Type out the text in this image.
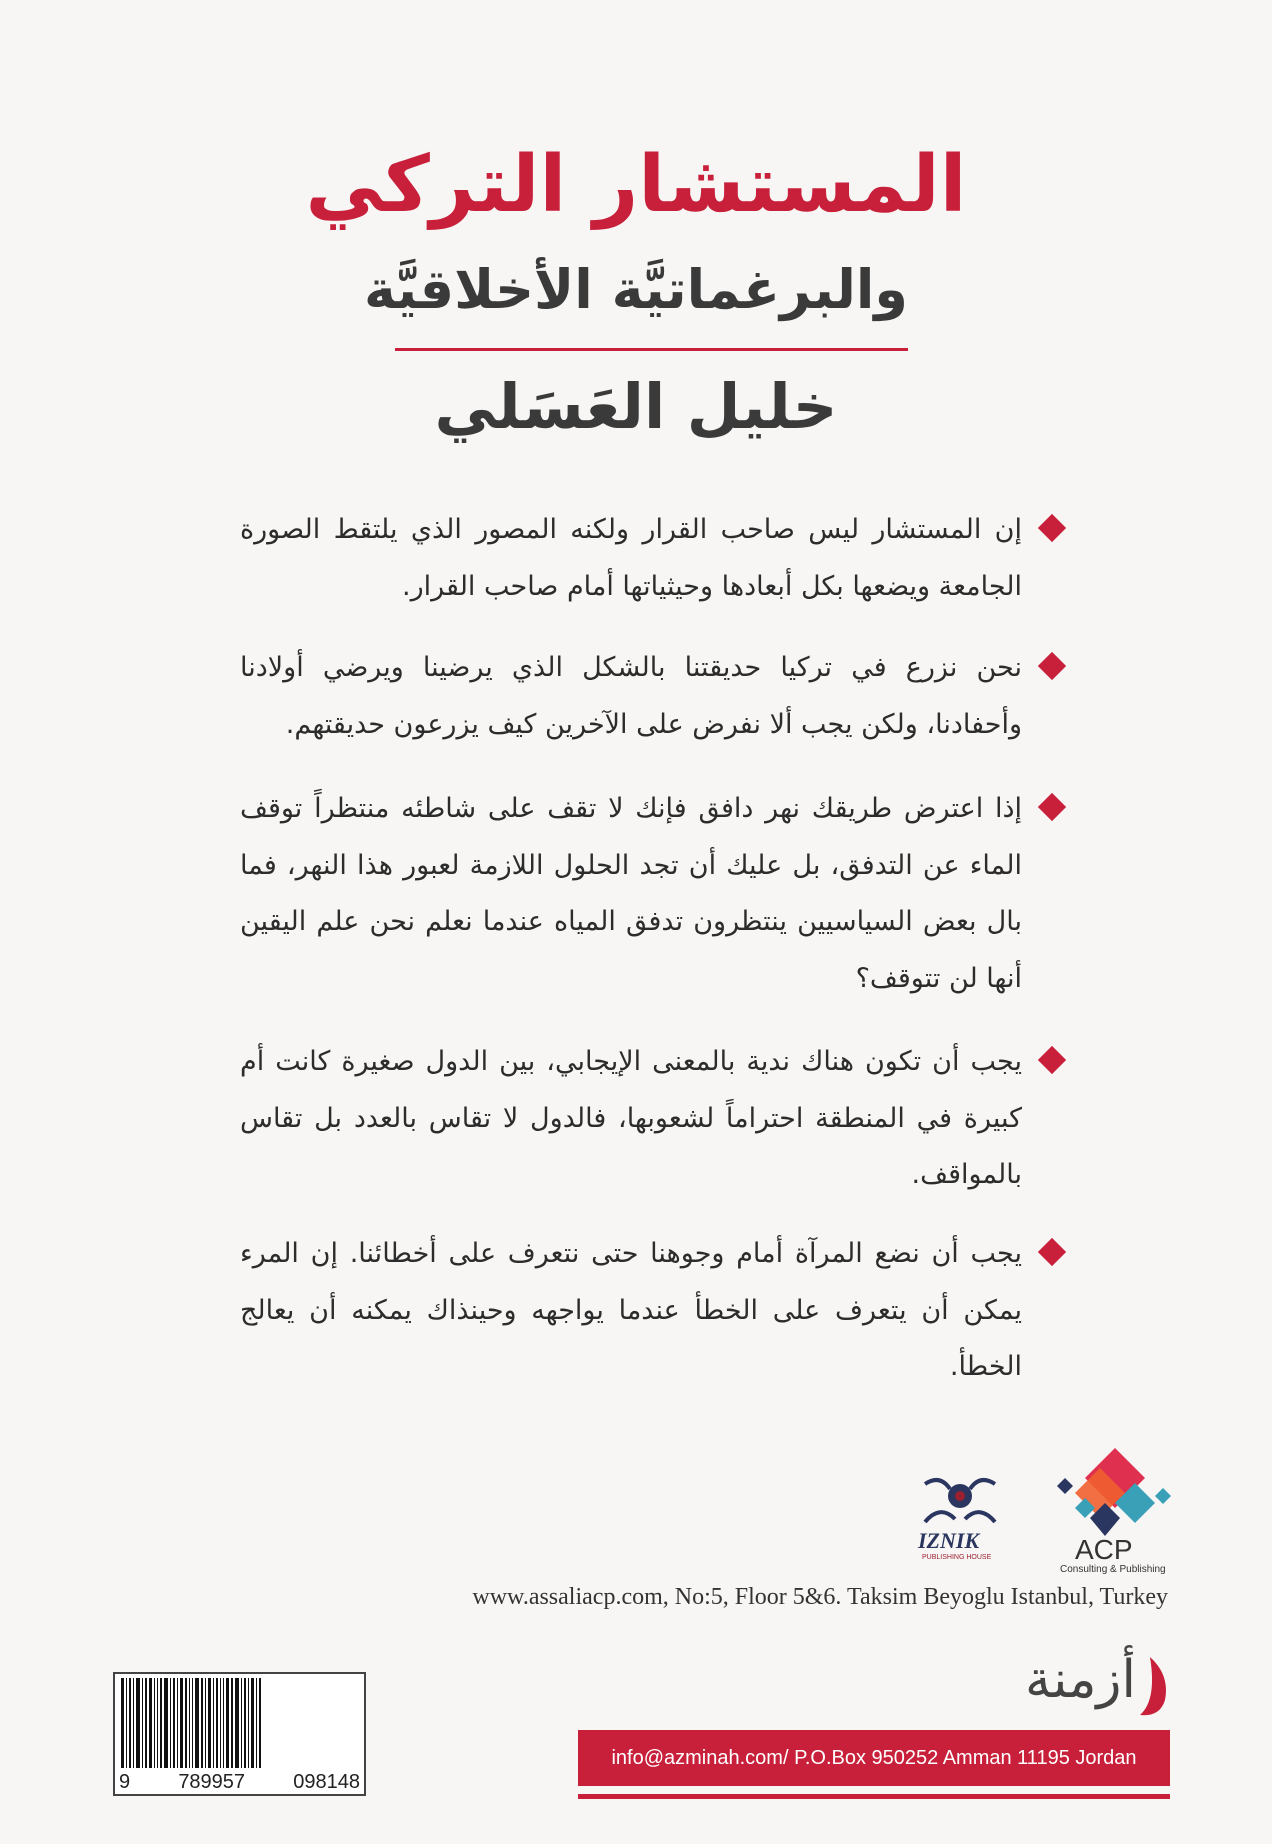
المستشار التركي
والبرغماتيَّة الأخلاقيَّة
خليل العَسَلي
إن المستشار ليس صاحب القرار ولكنه المصور الذي يلتقط الصورة الجامعة ويضعها بكل أبعادها وحيثياتها أمام صاحب القرار.
نحن نزرع في تركيا حديقتنا بالشكل الذي يرضينا ويرضي أولادنا وأحفادنا، ولكن يجب ألا نفرض على الآخرين كيف يزرعون حديقتهم.
إذا اعترض طريقك نهر دافق فإنك لا تقف على شاطئه منتظراً توقف الماء عن التدفق، بل عليك أن تجد الحلول اللازمة لعبور هذا النهر، فما بال بعض السياسيين ينتظرون تدفق المياه عندما نعلم نحن علم اليقين أنها لن تتوقف؟
يجب أن تكون هناك ندية بالمعنى الإيجابي، بين الدول صغيرة كانت أم كبيرة في المنطقة احتراماً لشعوبها، فالدول لا تقاس بالعدد بل تقاس بالمواقف.
يجب أن نضع المرآة أمام وجوهنا حتى نتعرف على أخطائنا. إن المرء يمكن أن يتعرف على الخطأ عندما يواجهه وحينذاك يمكنه أن يعالج الخطأ.
ACP
Consulting & Publishing
IZNIK
PUBLISHING HOUSE
www.assaliacp.com, No:5, Floor 5&6. Taksim Beyoglu Istanbul, Turkey
أزمنة
9 789957 098148
info@azminah.com/ P.O.Box 950252 Amman 11195 Jordan
